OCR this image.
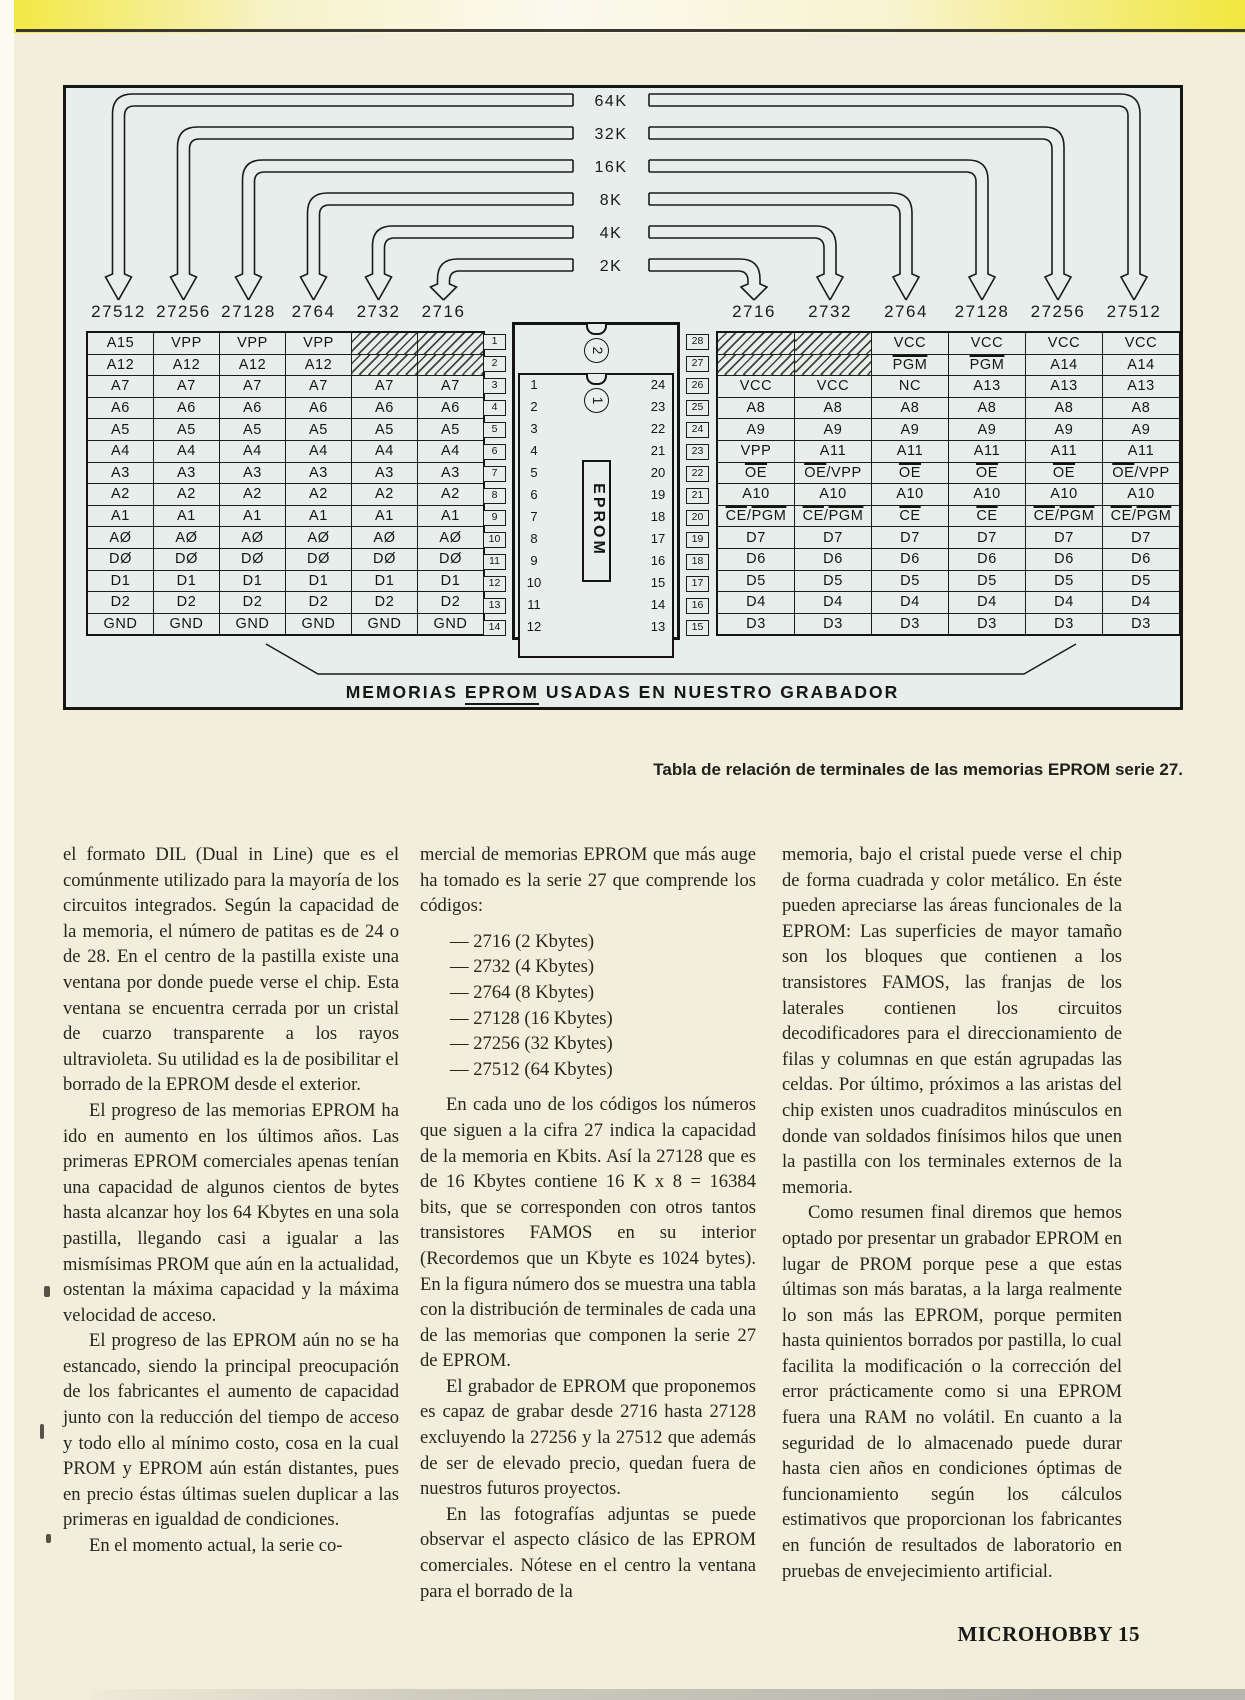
64K
32K
16K
8K
4K
2K
27512 27256 27128 2764	2732	2716	2716	2732	2764	27128	27256	27512
A15	VPP	VPP	VPP		
A12	A12	A12	A12		
A7	A7	A7	A7	A7	A7
A6	A6	A6	A6	A6	A6
A5	A5	A5	A5	A5	A5
A4	A4	A4	A4	A4	A4
A3	A3	A3	A3	A3	A3
A2	A2	A2	A2	A2	A2
A1	A1	A1	A1	A1	A1
AØ	AØ	AØ	AØ	AØ	AØ
DØ	DØ	DØ	DØ	DØ	DØ
D1	D1	D1	D1	D1	D1
D2	D2	D2	D2	D2	D2
GND	GND	GND	GND	GND	GND
		VCC	VCC	VCC	VCC
		$\overline{PGM}$	$\overline{PGM}$	A14	A14
VCC	VCC	NC	A13	A13	A13
A8	A8	A8	A8	A8	A8
A9	A9	A9	A9	A9	A9
VPP	A11	A11	A11	A11	A11
$\overline{OE}$	$\overline{OE}$/VPP	$\overline{OE}$	$\overline{OE}$	$\overline{OE}$	$\overline{OE}$/VPP
A10	A10	A10	A10	A10	A10
$\overline{CE}/\overline{PGM}$	$\overline{CE}/\overline{PGM}$	$\overline{CE}$	$\overline{CE}$	$\overline{CE}/\overline{PGM}$	$\overline{CE}/\overline{PGM}$
D7	D7	D7	D7	D7	D7
D6	D6	D6	D6	D6	D6
D5	D5	D5	D5	D5	D5
D4	D4	D4	D4	D4	D4
D3	D3	D3	D3	D3	D3
2
1
EPROM
1
2
3
4
5
6
7
8
9
10
11
12
13
14
28
27
26
25
24
23
22
21
20
19
18
17
16
15
1
2
3
4
5
6
7
8
9
10
11
12
24
23
22
21
20
19
18
17
16
15
14
13
MEMORIAS EPROM USADAS EN NUESTRO GRABADOR
Tabla de relación de terminales de las memorias EPROM serie 27.

el formato DIL (Dual in Line) que es el comúnmente utilizado para la mayoría de los circuitos integrados. Según la capacidad de la memoria, el número de patitas es de 24 o de 28. En el centro de la pastilla existe una ventana por donde puede verse el chip. Esta ventana se encuentra cerrada por un cristal de cuarzo transparente a los rayos ultravioleta. Su utilidad es la de posibilitar el borrado de la EPROM desde el exterior.

El progreso de las memorias EPROM ha ido en aumento en los últimos años. Las primeras EPROM comerciales apenas tenían una capacidad de algunos cientos de bytes hasta alcanzar hoy los 64 Kbytes en una sola pastilla, llegando casi a igualar a las mismísimas PROM que aún en la actualidad, ostentan la máxima capacidad y la máxima velocidad de acceso.

El progreso de las EPROM aún no se ha estancado, siendo la principal preocupación de los fabricantes el aumento de capacidad junto con la reducción del tiempo de acceso y todo ello al mínimo costo, cosa en la cual PROM y EPROM aún están distantes, pues en precio éstas últimas suelen duplicar a las primeras en igualdad de condiciones.

En el momento actual, la serie co-

mercial de memorias EPROM que más auge ha tomado es la serie 27 que comprende los códigos:

— 2716 (2 Kbytes)
— 2732 (4 Kbytes)
— 2764 (8 Kbytes)
— 27128 (16 Kbytes)
— 27256 (32 Kbytes)
— 27512 (64 Kbytes)

En cada uno de los códigos los números que siguen a la cifra 27 indica la capacidad de la memoria en Kbits. Así la 27128 que es de 16 Kbytes contiene 16 K x 8 = 16384 bits, que se corresponden con otros tantos transistores FAMOS en su interior (Recordemos que un Kbyte es 1024 bytes). En la figura número dos se muestra una tabla con la distribución de terminales de cada una de las memorias que componen la serie 27 de EPROM.

El grabador de EPROM que proponemos es capaz de grabar desde 2716 hasta 27128 excluyendo la 27256 y la 27512 que además de ser de elevado precio, quedan fuera de nuestros futuros proyectos.

En las fotografías adjuntas se puede observar el aspecto clásico de las EPROM comerciales. Nótese en el centro la ventana para el borrado de la

memoria, bajo el cristal puede verse el chip de forma cuadrada y color metálico. En éste pueden apreciarse las áreas funcionales de la EPROM: Las superficies de mayor tamaño son los bloques que contienen a los transistores FAMOS, las franjas de los laterales contienen los circuitos decodificadores para el direccionamiento de filas y columnas en que están agrupadas las celdas. Por último, próximos a las aristas del chip existen unos cuadraditos minúsculos en donde van soldados finísimos hilos que unen la pastilla con los terminales externos de la memoria.

Como resumen final diremos que hemos optado por presentar un grabador EPROM en lugar de PROM porque pese a que estas últimas son más baratas, a la larga realmente lo son más las EPROM, porque permiten hasta quinientos borrados por pastilla, lo cual facilita la modificación o la corrección del error prácticamente como si una EPROM fuera una RAM no volátil. En cuanto a la seguridad de lo almacenado puede durar hasta cien años en condiciones óptimas de funcionamiento según los cálculos estimativos que proporcionan los fabricantes en función de resultados de laboratorio en pruebas de envejecimiento artificial.

MICROHOBBY 15
